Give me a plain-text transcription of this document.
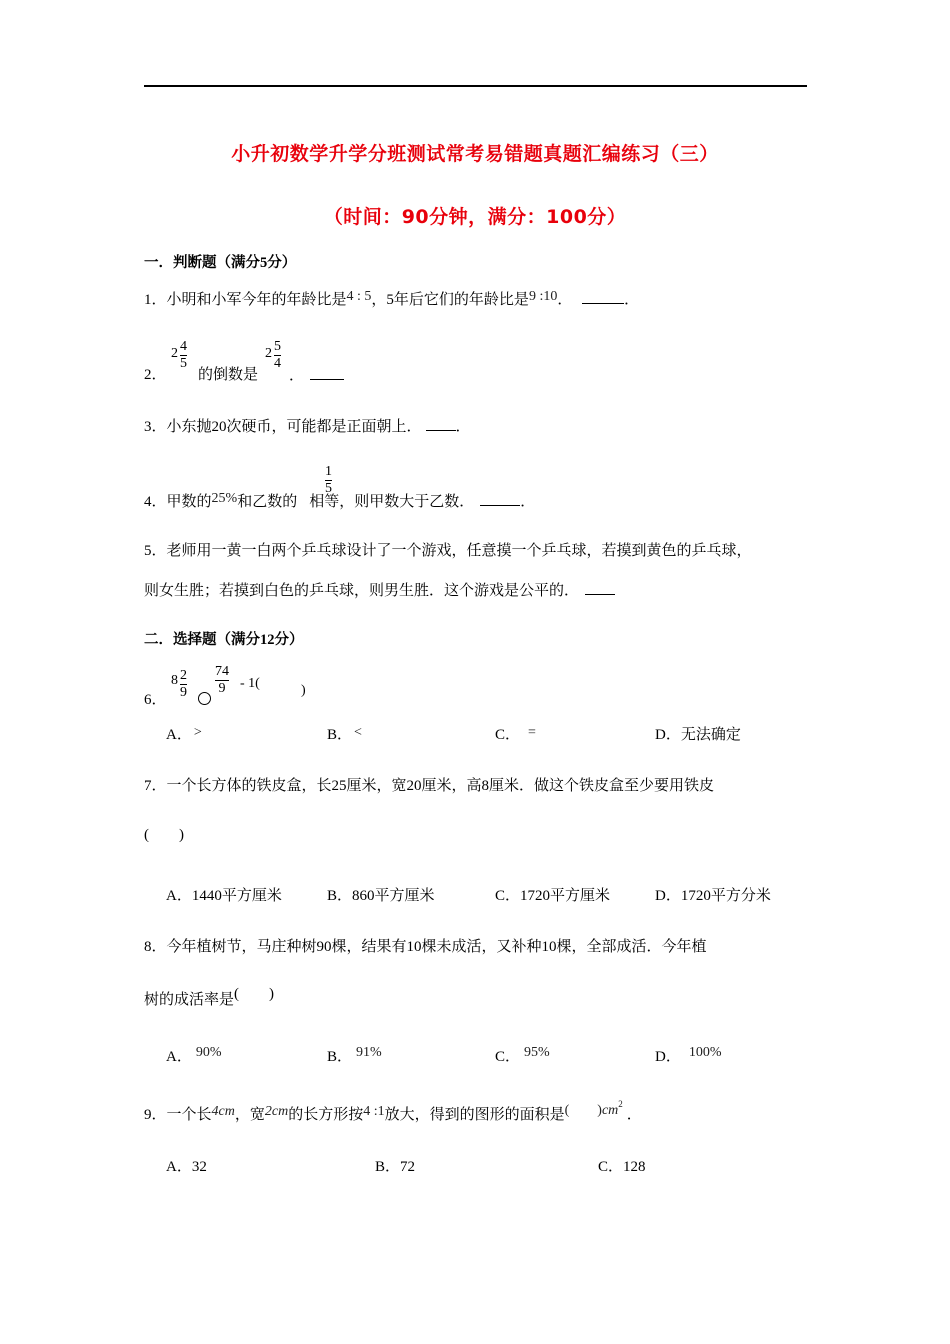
小升初数学升学分班测试常考易错题真题汇编练习（三）
（时间：90分钟，满分：100分）
一．判断题（满分5分）
1．小明和小军今年的年龄比是4 : 5，5年后它们的年龄比是9 :10．	．
2．
$2 \frac{4}{5}$
的倒数是
$2 \frac{5}{4}$
．
3．小东抛20次硬币，可能都是正面朝上． ．
4．甲数的25%和乙数的 相等，则甲数大于乙数．	．
$\frac{1}{5}$
5．老师用一黄一白两个乒乓球设计了一个游戏，任意摸一个乒乓球，若摸到黄色的乒乓球，
则女生胜；若摸到白色的乒乓球，则男生胜．这个游戏是公平的．
二．选择题（满分12分）
6．
$8 \frac{2}{9} \frac{74}{9} - 1$(	)
A． >	B． <	C． =	D．无法确定
7．一个长方体的铁皮盒，长25厘米，宽20厘米，高8厘米．做这个铁皮盒至少要用铁皮
(        )
A．1440平方厘米	B．860平方厘米	C．1720平方厘米	D．1720平方分米
8．今年植树节，马庄种树90棵，结果有10棵未成活，又补种10棵，全部成活．今年植
树的成活率是(        )
A． 90%	B． 91%	C． 95%	D． 100%
9．一个长4cm，宽2cm的长方形按4 :1放大，得到的图形的面积是(        )$cm^2$．
A．32	B．72	C．128
